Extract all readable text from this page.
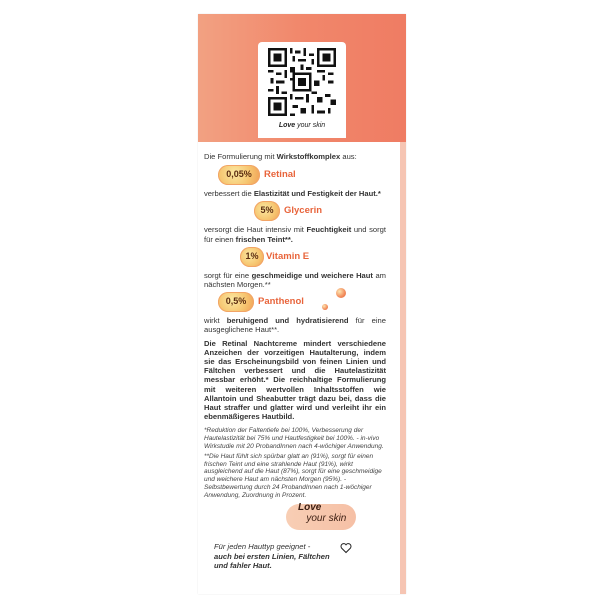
Love your skin
Die Formulierung mit Wirkstoffkomplex aus:
0,05%	Retinal
verbessert die Elastizität und Festigkeit der Haut.*
5%	Glycerin
versorgt die Haut intensiv mit Feuchtigkeit und sorgt für einen frischen Teint**.
1% Vitamin E
sorgt für eine geschmeidige und weichere Haut am nächsten Morgen.**
0,5%	Panthenol
wirkt beruhigend und hydratisierend für eine ausgeglichene Haut**.
Die Retinal Nachtcreme mindert verschiedene Anzeichen der vorzeitigen Hautalterung, indem sie das Erscheinungsbild von feinen Linien und Fältchen verbessert und die Hautelastizität messbar erhöht.* Die reichhaltige Formulierung mit weiteren wertvollen Inhaltsstoffen wie Allantoin und Sheabutter trägt dazu bei, dass die Haut straffer und glatter wird und verleiht ihr ein ebenmäßigeres Hautbild.
*Reduktion der Faltentiefe bei 100%, Verbesserung der Hautelastizität bei 75% und Hautfestigkeit bei 100%. - in-vivo Wirkstudie mit 20 ProbandInnen nach 4-wöchiger Anwendung.
**Die Haut fühlt sich spürbar glatt an (91%), sorgt für einen frischen Teint und eine strahlende Haut (91%), wirkt ausgleichend auf die Haut (87%), sorgt für eine geschmeidige und weichere Haut am nächsten Morgen (95%). - Selbstbewertung durch 24 ProbandInnen nach 1-wöchiger Anwendung, Zuordnung in Prozent.
Love
your skin
Für jeden Hauttyp geeignet -
auch bei ersten Linien, Fältchen
und fahler Haut.
